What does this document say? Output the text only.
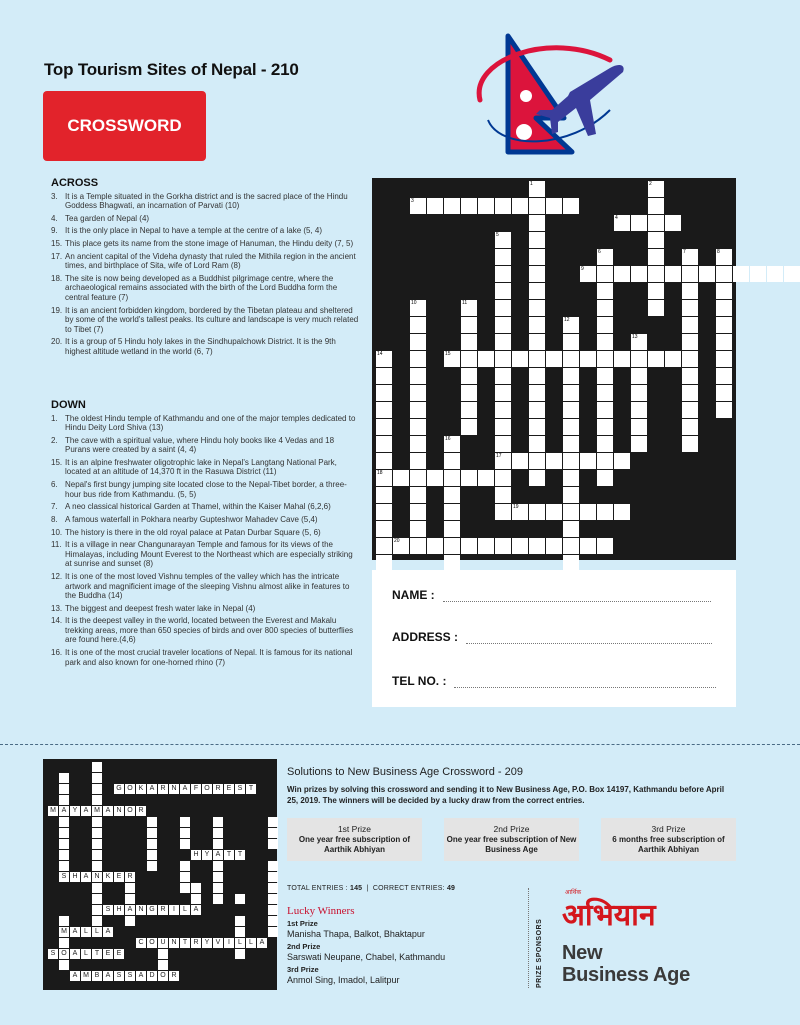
Top Tourism Sites of Nepal - 210
CROSSWORD
ACROSS
3. It is a Temple situated in the Gorkha district and is the sacred place of the Hindu Goddess Bhagwati, an incarnation of Parvati (10)
4. Tea garden of Nepal (4)
9. It is the only place in Nepal to have a temple at the centre of a lake (5, 4)
15. This place gets its name from the stone image of Hanuman, the Hindu deity (7, 5)
17. An ancient capital of the Videha dynasty that ruled the Mithila region in the ancient times, and birthplace of Sita, wife of Lord Ram (8)
18. The site is now being developed as a Buddhist pilgrimage centre, where the archaeological remains associated with the birth of the Lord Buddha form the central feature (7)
19. It is an ancient forbidden kingdom, bordered by the Tibetan plateau and sheltered by some of the world's tallest peaks. Its culture and landscape is very much related to Tibet (7)
20. It is a group of 5 Hindu holy lakes in the Sindhupalchowk District. It is the 9th highest altitude wetland in the world (6, 7)
DOWN
1. The oldest Hindu temple of Kathmandu and one of the major temples dedicated to Hindu Deity Lord Shiva (13)
2. The cave with a spiritual value, where Hindu holy books like 4 Vedas and 18 Purans were created by a saint (4, 4)
15. It is an alpine freshwater oligotrophic lake in Nepal's Langtang National Park, located at an altitude of 14,370 ft in the Rasuwa District (11)
6. Nepal's first bungy jumping site located close to the Nepal-Tibet border, a three-hour bus ride from Kathmandu. (5, 5)
7. A neo classical historical Garden at Thamel, within the Kaiser Mahal (6,2,6)
8. A famous waterfall in Pokhara nearby Gupteshwor Mahadev Cave (5,4)
10. The history is there in the old royal palace at Patan Durbar Square (5, 6)
11. It is a village in near Changunarayan Temple and famous for its views of the Himalayas, including Mount Everest to the Northeast which are especially striking at sunrise and sunset (8)
12. It is one of the most loved Vishnu temples of the valley which has the intricate artwork and magnificient image of the sleeping Vishnu almost alike in features to the Buddha (14)
13. The biggest and deepest fresh water lake in Nepal (4)
14. It is the deepest valley in the world, located between the Everest and Makalu trekking areas, more than 650 species of birds and over 800 species of butterflies are found here.(4,6)
16. It is one of the most crucial traveler locations of Nepal. It is famous for its national park and also known for one-horned rhino (7)
1	2
3
4
5
6	7	8
9
10	11
12
13
14	15
16
17
18
19
20
NAME :
ADDRESS :
TEL NO. :
G O K A R N A F O R E S T
M A Y A M A N O R
S H A N K E R
S H A N G R	I	L A
M A L	L A
C O U N T R Y V	I	L	L A
S O A L T E E
A M B A S S A D O R
H Y A T T
Solutions to New Business Age Crossword - 209
Win prizes by solving this crossword and sending it to New Business Age, P.O. Box 14197, Kathmandu before April 25, 2019. The winners will be decided by a lucky draw from the correct entries.
1st Prize
One year free subscription of Aarthik Abhiyan
2nd Prize
One year free subscription of New Business Age
3rd Prize
6 months free subscription of Aarthik Abhiyan
TOTAL ENTRIES : 145  |  CORRECT ENTRIES: 49
Lucky Winners
1st Prize
Manisha Thapa, Balkot, Bhaktapur
2nd Prize
Sarswati Neupane, Chabel, Kathmandu
3rd Prize
Anmol Sing, Imadol, Lalitpur	PRIZE SPONSORS
आर्थिक
अभियान
New
Business Age
